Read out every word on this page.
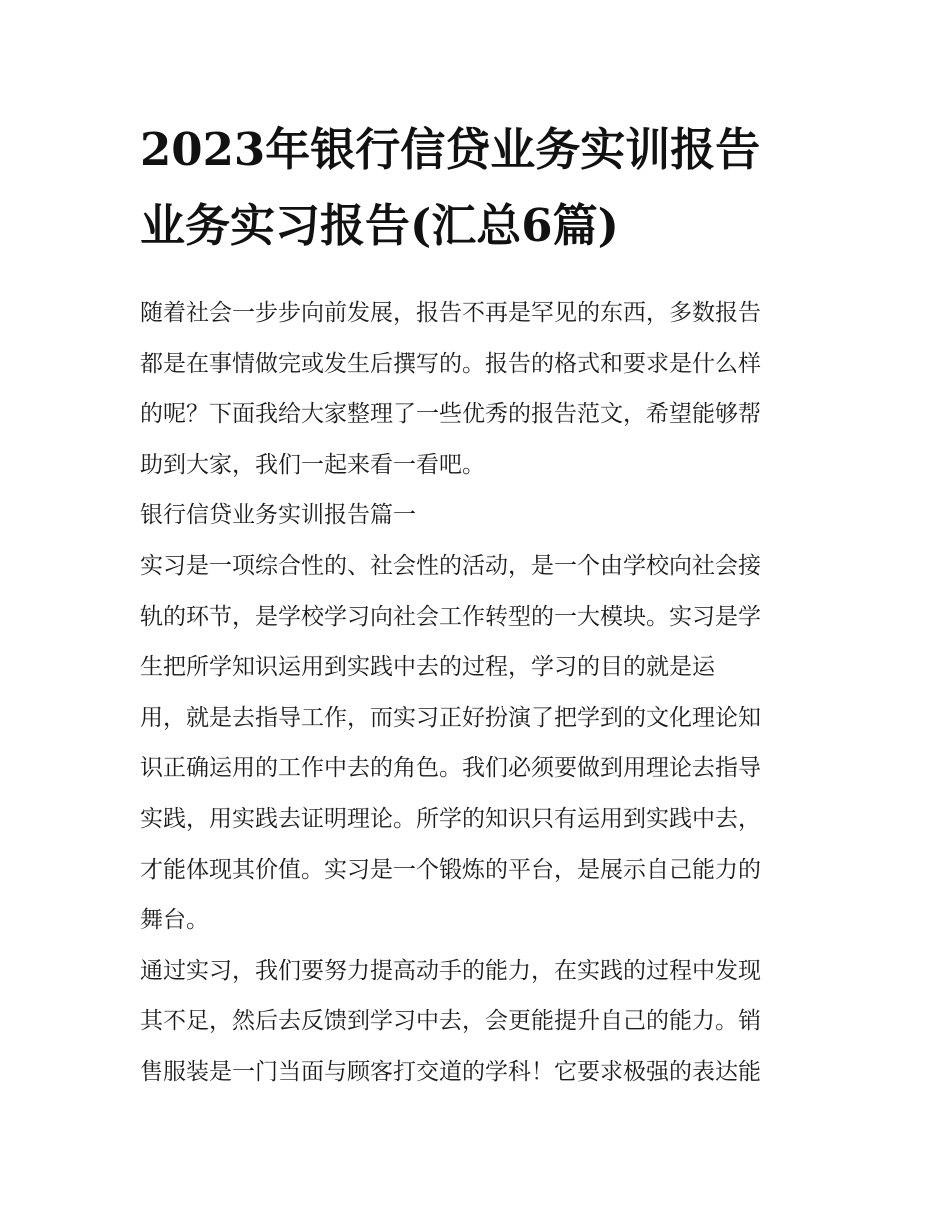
2023年银行信贷业务实训报告
业务实习报告(汇总6篇)

随着社会一步步向前发展，报告不再是罕见的东西，多数报告
都是在事情做完或发生后撰写的。报告的格式和要求是什么样
的呢？下面我给大家整理了一些优秀的报告范文，希望能够帮
助到大家，我们一起来看一看吧。

银行信贷业务实训报告篇一

实习是一项综合性的、社会性的活动，是一个由学校向社会接
轨的环节，是学校学习向社会工作转型的一大模块。实习是学
生把所学知识运用到实践中去的过程，学习的目的就是运
用，就是去指导工作，而实习正好扮演了把学到的文化理论知
识正确运用的工作中去的角色。我们必须要做到用理论去指导
实践，用实践去证明理论。所学的知识只有运用到实践中去，
才能体现其价值。实习是一个锻炼的平台，是展示自己能力的
舞台。

通过实习，我们要努力提高动手的能力，在实践的过程中发现
其不足，然后去反馈到学习中去，会更能提升自己的能力。销
售服装是一门当面与顾客打交道的学科！它要求极强的表达能
